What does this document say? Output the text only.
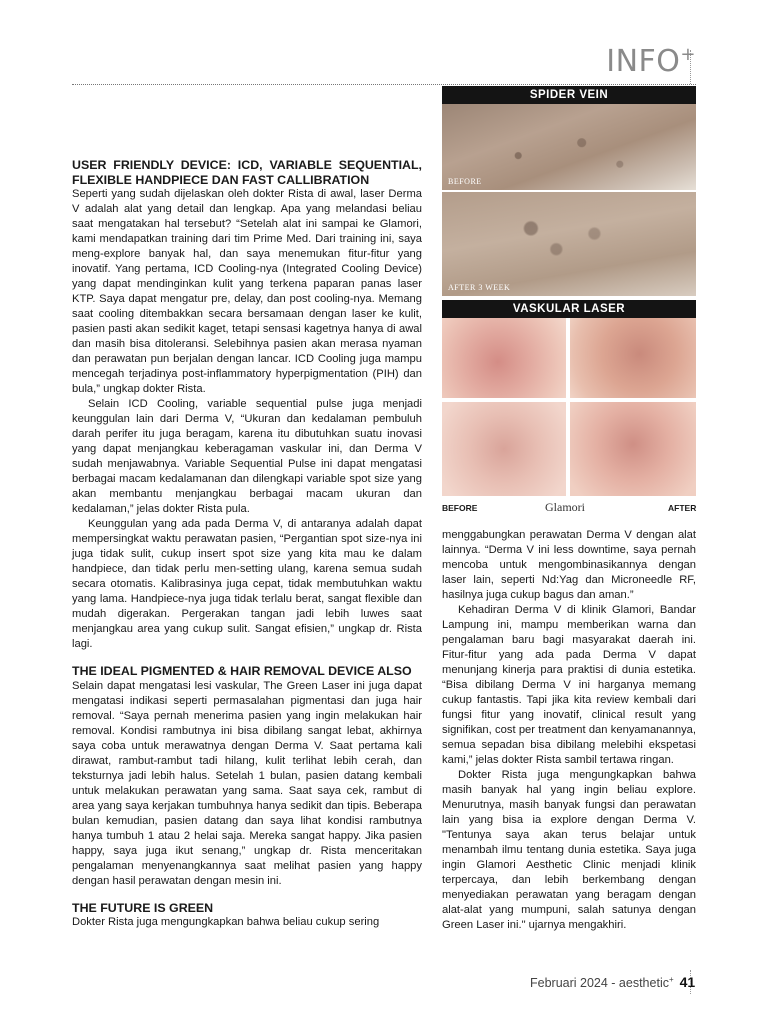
INFO+
SPIDER VEIN
BEFORE
AFTER 3 WEEK
VASKULAR LASER
BEFORE	Glamori	AFTER
USER FRIENDLY DEVICE: ICD, VARIABLE SEQUENTIAL, FLEXIBLE HANDPIECE DAN FAST CALLIBRATION

Seperti yang sudah dijelaskan oleh dokter Rista di awal, laser Derma V adalah alat yang detail dan lengkap. Apa yang melandasi beliau saat mengatakan hal tersebut? “Setelah alat ini sampai ke Glamori, kami mendapatkan training dari tim Prime Med. Dari training ini, saya meng-explore banyak hal, dan saya menemukan fitur-fitur yang inovatif. Yang pertama, ICD Cooling-nya (Integrated Cooling Device) yang dapat mendinginkan kulit yang terkena paparan panas laser KTP. Saya dapat mengatur pre, delay, dan post cooling-nya. Memang saat cooling ditembakkan secara bersamaan dengan laser ke kulit, pasien pasti akan sedikit kaget, tetapi sensasi kagetnya hanya di awal dan masih bisa ditoleransi. Selebihnya pasien akan merasa nyaman dan perawatan pun berjalan dengan lancar. ICD Cooling juga mampu mencegah terjadinya post-inflammatory hyperpigmentation (PIH) dan bula,” ungkap dokter Rista.

Selain ICD Cooling, variable sequential pulse juga menjadi keunggulan lain dari Derma V, “Ukuran dan kedalaman pembuluh darah perifer itu juga beragam, karena itu dibutuhkan suatu inovasi yang dapat menjangkau keberagaman vaskular ini, dan Derma V sudah menjawabnya. Variable Sequential Pulse ini dapat mengatasi berbagai macam kedalamanan dan dilengkapi variable spot size yang akan membantu menjangkau berbagai macam ukuran dan kedalaman,” jelas dokter Rista pula.

Keunggulan yang ada pada Derma V, di antaranya adalah dapat mempersingkat waktu perawatan pasien, “Pergantian spot size-nya ini juga tidak sulit, cukup insert spot size yang kita mau ke dalam handpiece, dan tidak perlu men-setting ulang, karena semua sudah secara otomatis. Kalibrasinya juga cepat, tidak membutuhkan waktu yang lama. Handpiece-nya juga tidak terlalu berat, sangat flexible dan mudah digerakan. Pergerakan tangan jadi lebih luwes saat menjangkau area yang cukup sulit. Sangat efisien,” ungkap dr. Rista lagi.

THE IDEAL PIGMENTED & HAIR REMOVAL DEVICE ALSO

Selain dapat mengatasi lesi vaskular, The Green Laser ini juga dapat mengatasi indikasi seperti permasalahan pigmentasi dan juga hair removal. “Saya pernah menerima pasien yang ingin melakukan hair removal. Kondisi rambutnya ini bisa dibilang sangat lebat, akhirnya saya coba untuk merawatnya dengan Derma V. Saat pertama kali dirawat, rambut-rambut tadi hilang, kulit terlihat lebih cerah, dan teksturnya jadi lebih halus. Setelah 1 bulan, pasien datang kembali untuk melakukan perawatan yang sama. Saat saya cek, rambut di area yang saya kerjakan tumbuhnya hanya sedikit dan tipis. Beberapa bulan kemudian, pasien datang dan saya lihat kondisi rambutnya hanya tumbuh 1 atau 2 helai saja. Mereka sangat happy. Jika pasien happy, saya juga ikut senang,” ungkap dr. Rista menceritakan pengalaman menyenangkannya saat melihat pasien yang happy dengan hasil perawatan dengan mesin ini.

THE FUTURE IS GREEN

Dokter Rista juga mengungkapkan bahwa beliau cukup sering

menggabungkan perawatan Derma V dengan alat lainnya. “Derma V ini less downtime, saya pernah mencoba untuk mengombinasikannya dengan laser lain, seperti Nd:Yag dan Microneedle RF, hasilnya juga cukup bagus dan aman.”

Kehadiran Derma V di klinik Glamori, Bandar Lampung ini, mampu memberikan warna dan pengalaman baru bagi masyarakat daerah ini. Fitur-fitur yang ada pada Derma V dapat menunjang kinerja para praktisi di dunia estetika. “Bisa dibilang Derma V ini harganya memang cukup fantastis. Tapi jika kita review kembali dari fungsi fitur yang inovatif, clinical result yang signifikan, cost per treatment dan kenyamanannya, semua sepadan bisa dibilang melebihi ekspetasi kami,” jelas dokter Rista sambil tertawa ringan.

Dokter Rista juga mengungkapkan bahwa masih banyak hal yang ingin beliau explore. Menurutnya, masih banyak fungsi dan perawatan lain yang bisa ia explore dengan Derma V. "Tentunya saya akan terus belajar untuk menambah ilmu tentang dunia estetika. Saya juga ingin Glamori Aesthetic Clinic menjadi klinik terpercaya, dan lebih berkembang dengan menyediakan perawatan yang beragam dengan alat-alat yang mumpuni, salah satunya dengan Green Laser ini." ujarnya mengakhiri.

Februari 2024 - aesthetic+ 41
